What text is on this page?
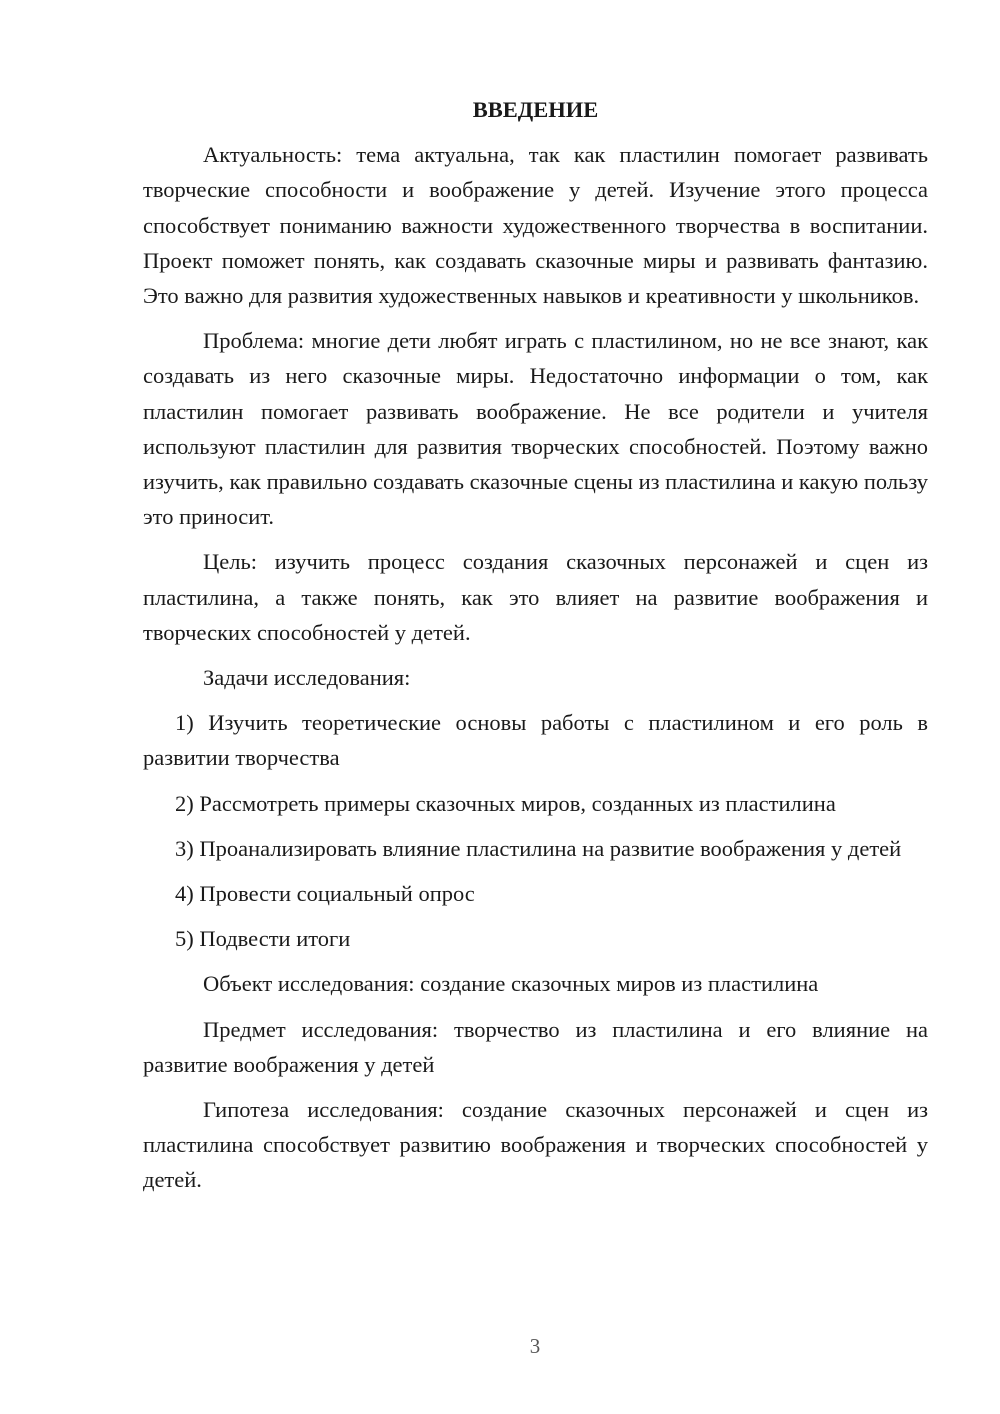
ВВЕДЕНИЕ

Актуальность: тема актуальна, так как пластилин помогает развивать творческие способности и воображение у детей. Изучение этого процесса способствует пониманию важности художественного творчества в воспитании. Проект поможет понять, как создавать сказочные миры и развивать фантазию. Это важно для развития художественных навыков и креативности у школьников.

Проблема: многие дети любят играть с пластилином, но не все знают, как создавать из него сказочные миры. Недостаточно информации о том, как пластилин помогает развивать воображение. Не все родители и учителя используют пластилин для развития творческих способностей. Поэтому важно изучить, как правильно создавать сказочные сцены из пластилина и какую пользу это приносит.

Цель: изучить процесс создания сказочных персонажей и сцен из пластилина, а также понять, как это влияет на развитие воображения и творческих способностей у детей.

Задачи исследования:

1) Изучить теоретические основы работы с пластилином и его роль в развитии творчества

2) Рассмотреть примеры сказочных миров, созданных из пластилина

3) Проанализировать влияние пластилина на развитие воображения у детей

4) Провести социальный опрос

5) Подвести итоги

Объект исследования: создание сказочных миров из пластилина

Предмет исследования: творчество из пластилина и его влияние на развитие воображения у детей

Гипотеза исследования: создание сказочных персонажей и сцен из пластилина способствует развитию воображения и творческих способностей у детей.

3
